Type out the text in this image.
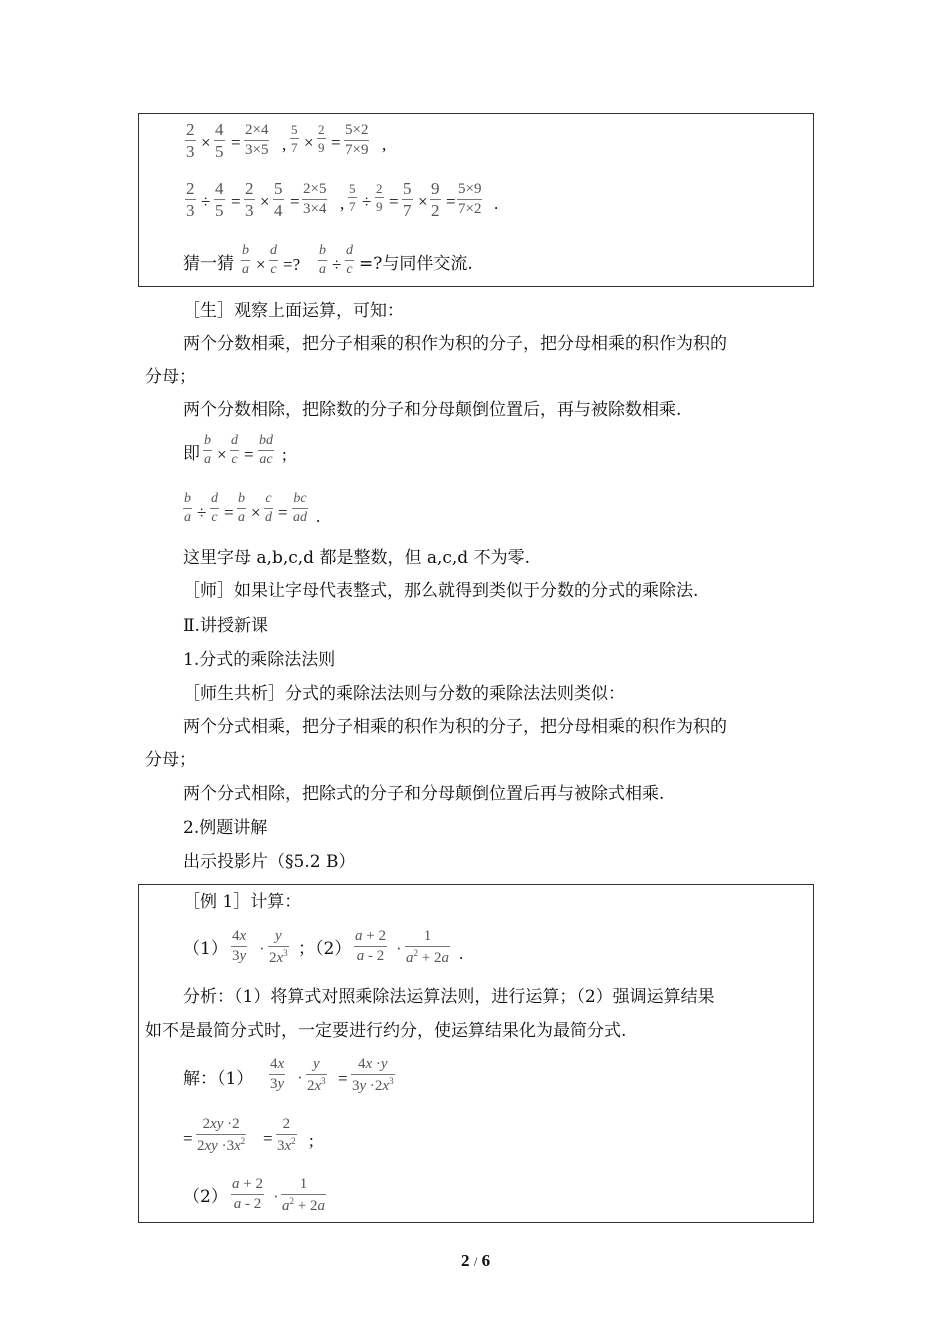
$\frac{2}{3} \times \frac{4}{5} = \frac{2\times 4}{3\times 5}$ , $\frac{5}{7} \times \frac{2}{9} = \frac{5\times 2}{7\times 9}$ ,
$\frac{2}{3} \div \frac{4}{5} = \frac{2}{3} \times \frac{5}{4} = \frac{2\times 5}{3\times 4}$ , $\frac{5}{7} \div \frac{2}{9} = \frac{5}{7} \times \frac{9}{2} = \frac{5\times 9}{7\times 2}$ .
猜一猜 $\frac{b}{a} \times \frac{d}{c}$ =? $\frac{b}{a} \div \frac{d}{c}$ =?与同伴交流.
［生］观察上面运算，可知：
两个分数相乘，把分子相乘的积作为积的分子，把分母相乘的积作为积的
分母；
两个分数相除，把除数的分子和分母颠倒位置后，再与被除数相乘.
即 $\frac{b}{a} \times \frac{d}{c} = \frac{bd}{ac}$ ;
$\frac{b}{a} \div \frac{d}{c} = \frac{b}{a} \times \frac{c}{d} = \frac{bc}{ad}$ .
这里字母 a,b,c,d 都是整数，但 a,c,d 不为零.
［师］如果让字母代表整式，那么就得到类似于分数的分式的乘除法.
Ⅱ.讲授新课
1.分式的乘除法法则
［师生共析］分式的乘除法法则与分数的乘除法法则类似：
两个分式相乘，把分子相乘的积作为积的分子，把分母相乘的积作为积的
分母；
两个分式相除，把除式的分子和分母颠倒位置后再与被除式相乘.
2.例题讲解
出示投影片（§5.2 B）
［例 1］计算：
$(1) \frac{4x}{3y} \cdot \frac{y}{2x^3}$ ；$(2) \frac{a + 2}{a - 2} \cdot \frac{1}{a^2 + 2a}$ .
分析：（1）将算式对照乘除法运算法则，进行运算；（2）强调运算结果
如不是最简分式时，一定要进行约分，使运算结果化为最简分式.
解：$(1) \frac{4x}{3y} \cdot \frac{y}{2x^3} = \frac{4x \cdot y}{3y \cdot 2x^3}$
= $\frac{2xy \cdot 2}{2xy \cdot 3x^2} = \frac{2}{3x^2}$ ;
$(2) \frac{a + 2}{a - 2} \cdot \frac{1}{a^2 + 2a}$
2 / 6
